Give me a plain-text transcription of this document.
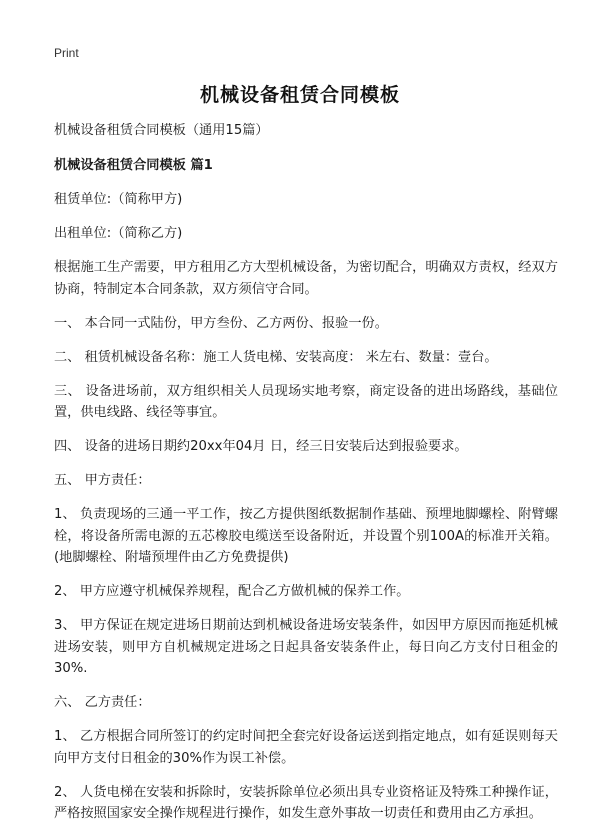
Print
机械设备租赁合同模板

机械设备租赁合同模板（通用15篇）

机械设备租赁合同模板 篇1

租赁单位:（简称甲方)

出租单位:（简称乙方)

根据施工生产需要，甲方租用乙方大型机械设备，为密切配合，明确双方责权，经双方协商，特制定本合同条款，双方须信守合同。

一、 本合同一式陆份，甲方叁份、乙方两份、报验一份。

二、 租赁机械设备名称：施工人货电梯、安装高度： 米左右、数量：壹台。

三、 设备进场前，双方组织相关人员现场实地考察，商定设备的进出场路线，基础位置，供电线路、线径等事宜。

四、 设备的进场日期约20xx年04月 日，经三日安装后达到报验要求。

五、 甲方责任：

1、 负责现场的三通一平工作，按乙方提供图纸数据制作基础、预埋地脚螺栓、附臂螺栓，将设备所需电源的五芯橡胶电缆送至设备附近，并设置个别100A的标准开关箱。(地脚螺栓、附墙预埋件由乙方免费提供)

2、 甲方应遵守机械保养规程，配合乙方做机械的保养工作。

3、 甲方保证在规定进场日期前达到机械设备进场安装条件，如因甲方原因而拖延机械进场安装，则甲方自机械规定进场之日起具备安装条件止，每日向乙方支付日租金的30%.

六、 乙方责任：

1、 乙方根据合同所签订的约定时间把全套完好设备运送到指定地点，如有延误则每天向甲方支付日租金的30%作为误工补偿。

2、 人货电梯在安装和拆除时，安装拆除单位必须出具专业资格证及特殊工种操作证，严格按照国家安全操作规程进行操作，如发生意外事故一切责任和费用由乙方承担。
